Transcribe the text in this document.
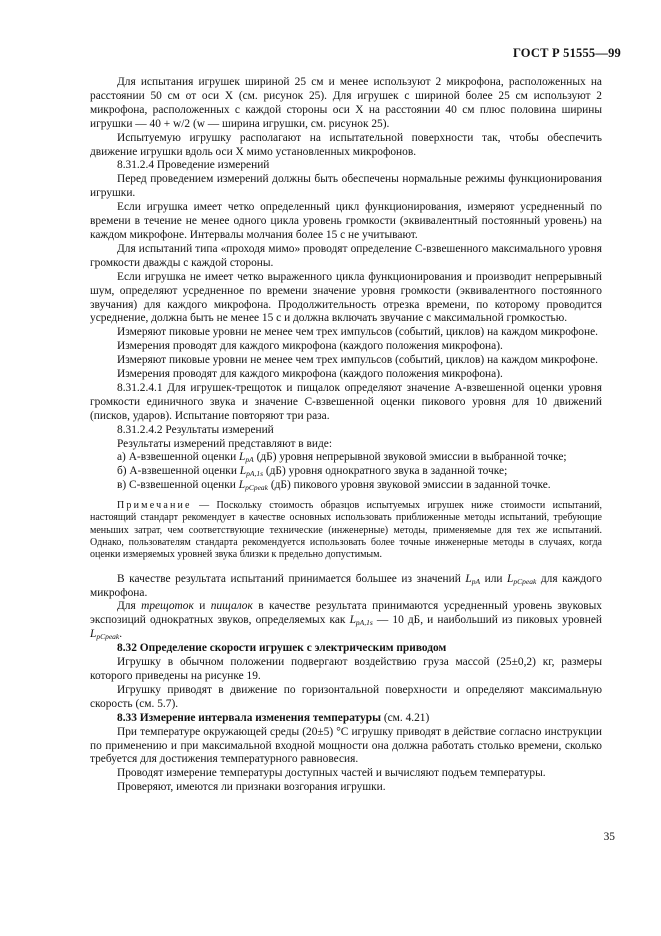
ГОСТ Р 51555—99

Для испытания игрушек шириной 25 см и менее используют 2 микрофона, расположенных на расстоянии 50 см от оси X (см. рисунок 25). Для игрушек с шириной более 25 см используют 2 микрофона, расположенных с каждой стороны оси X на расстоянии 40 см плюс половина ширины игрушки — 40 + w/2 (w — ширина игрушки, см. рисунок 25).

Испытуемую игрушку располагают на испытательной поверхности так, чтобы обеспечить движение игрушки вдоль оси X мимо установленных микрофонов.

8.31.2.4 Проведение измерений

Перед проведением измерений должны быть обеспечены нормальные режимы функционирования игрушки.

Если игрушка имеет четко определенный цикл функционирования, измеряют усредненный по времени в течение не менее одного цикла уровень громкости (эквивалентный постоянный уровень) на каждом микрофоне. Интервалы молчания более 15 с не учитывают.

Для испытаний типа «проходя мимо» проводят определение С-взвешенного максимального уровня громкости дважды с каждой стороны.

Если игрушка не имеет четко выраженного цикла функционирования и производит непрерывный шум, определяют усредненное по времени значение уровня громкости (эквивалентного постоянного звучания) для каждого микрофона. Продолжительность отрезка времени, по которому проводится усреднение, должна быть не менее 15 с и должна включать звучание с максимальной громкостью.

Измеряют пиковые уровни не менее чем трех импульсов (событий, циклов) на каждом микрофоне.

Измерения проводят для каждого микрофона (каждого положения микрофона).

Измеряют пиковые уровни не менее чем трех импульсов (событий, циклов) на каждом микрофоне.

Измерения проводят для каждого микрофона (каждого положения микрофона).

8.31.2.4.1 Для игрушек-трещоток и пищалок определяют значение А-взвешенной оценки уровня громкости единичного звука и значение С-взвешенной оценки пикового уровня для 10 движений (писков, ударов). Испытание повторяют три раза.

8.31.2.4.2 Результаты измерений

Результаты измерений представляют в виде:

а) А-взвешенной оценки $L_{pA}$ (дБ) уровня непрерывной звуковой эмиссии в выбранной точке;

б) А-взвешенной оценки $L_{pA,1s}$ (дБ) уровня однократного звука в заданной точке;

в) С-взвешенной оценки $L_{pCpeak}$ (дБ) пикового уровня звуковой эмиссии в заданной точке.

Примечание — Поскольку стоимость образцов испытуемых игрушек ниже стоимости испытаний, настоящий стандарт рекомендует в качестве основных использовать приближенные методы испытаний, требующие меньших затрат, чем соответствующие технические (инженерные) методы, применяемые для тех же испытаний. Однако, пользователям стандарта рекомендуется использовать более точные инженерные методы в случаях, когда оценки измеряемых уровней звука близки к предельно допустимым.

В качестве результата испытаний принимается большее из значений $L_{pA}$ или $L_{pCpeak}$ для каждого микрофона.

Для трещоток и пищалок в качестве результата принимаются усредненный уровень звуковых экспозиций однократных звуков, определяемых как $L_{pA,1s}$ — 10 дБ, и наибольший из пиковых уровней $L_{pCpeak}$.

8.32 Определение скорости игрушек с электрическим приводом

Игрушку в обычном положении подвергают воздействию груза массой (25±0,2) кг, размеры которого приведены на рисунке 19.

Игрушку приводят в движение по горизонтальной поверхности и определяют максимальную скорость (см. 5.7).

8.33 Измерение интервала изменения температуры (см. 4.21)

При температуре окружающей среды (20±5) °С игрушку приводят в действие согласно инструкции по применению и при максимальной входной мощности она должна работать столько времени, сколько требуется для достижения температурного равновесия.

Проводят измерение температуры доступных частей и вычисляют подъем температуры.

Проверяют, имеются ли признаки возгорания игрушки.

35
